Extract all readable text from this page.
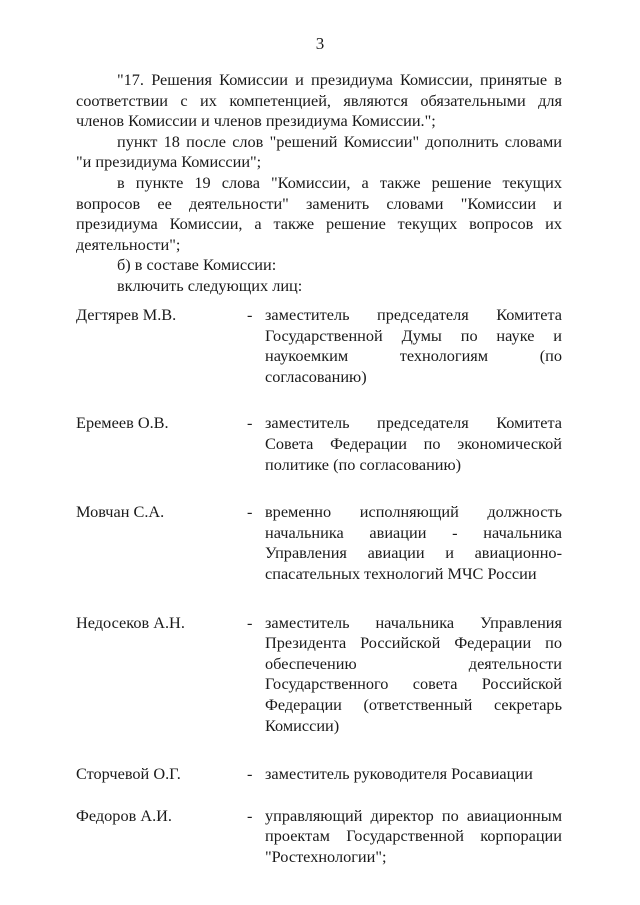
3

"17. Решения Комиссии и президиума Комиссии, принятые в соответствии с их компетенцией, являются обязательными для членов Комиссии и членов президиума Комиссии.";

пункт 18 после слов "решений Комиссии" дополнить словами "и президиума Комиссии";

в пункте 19 слова "Комиссии, а также решение текущих вопросов ее деятельности" заменить словами "Комиссии и президиума Комиссии, а также решение текущих вопросов их деятельности";

б) в составе Комиссии:

включить следующих лиц:

Дегтярев М.В.	- заместитель председателя Комитета Государственной Думы по науке и наукоемким технологиям (по согласованию)
Еремеев О.В.	- заместитель председателя Комитета Совета Федерации по экономической политике (по согласованию)
Мовчан С.А.	- временно исполняющий должность начальника авиации - начальника Управления авиации и авиационно-спасательных технологий МЧС России
Недосеков А.Н.	- заместитель начальника Управления Президента Российской Федерации по обеспечению деятельности Государственного совета Российской Федерации (ответственный секретарь Комиссии)
Сторчевой О.Г.	- заместитель руководителя Росавиации
Федоров А.И.	- управляющий директор по авиационным проектам Государственной корпорации "Ростехнологии";
